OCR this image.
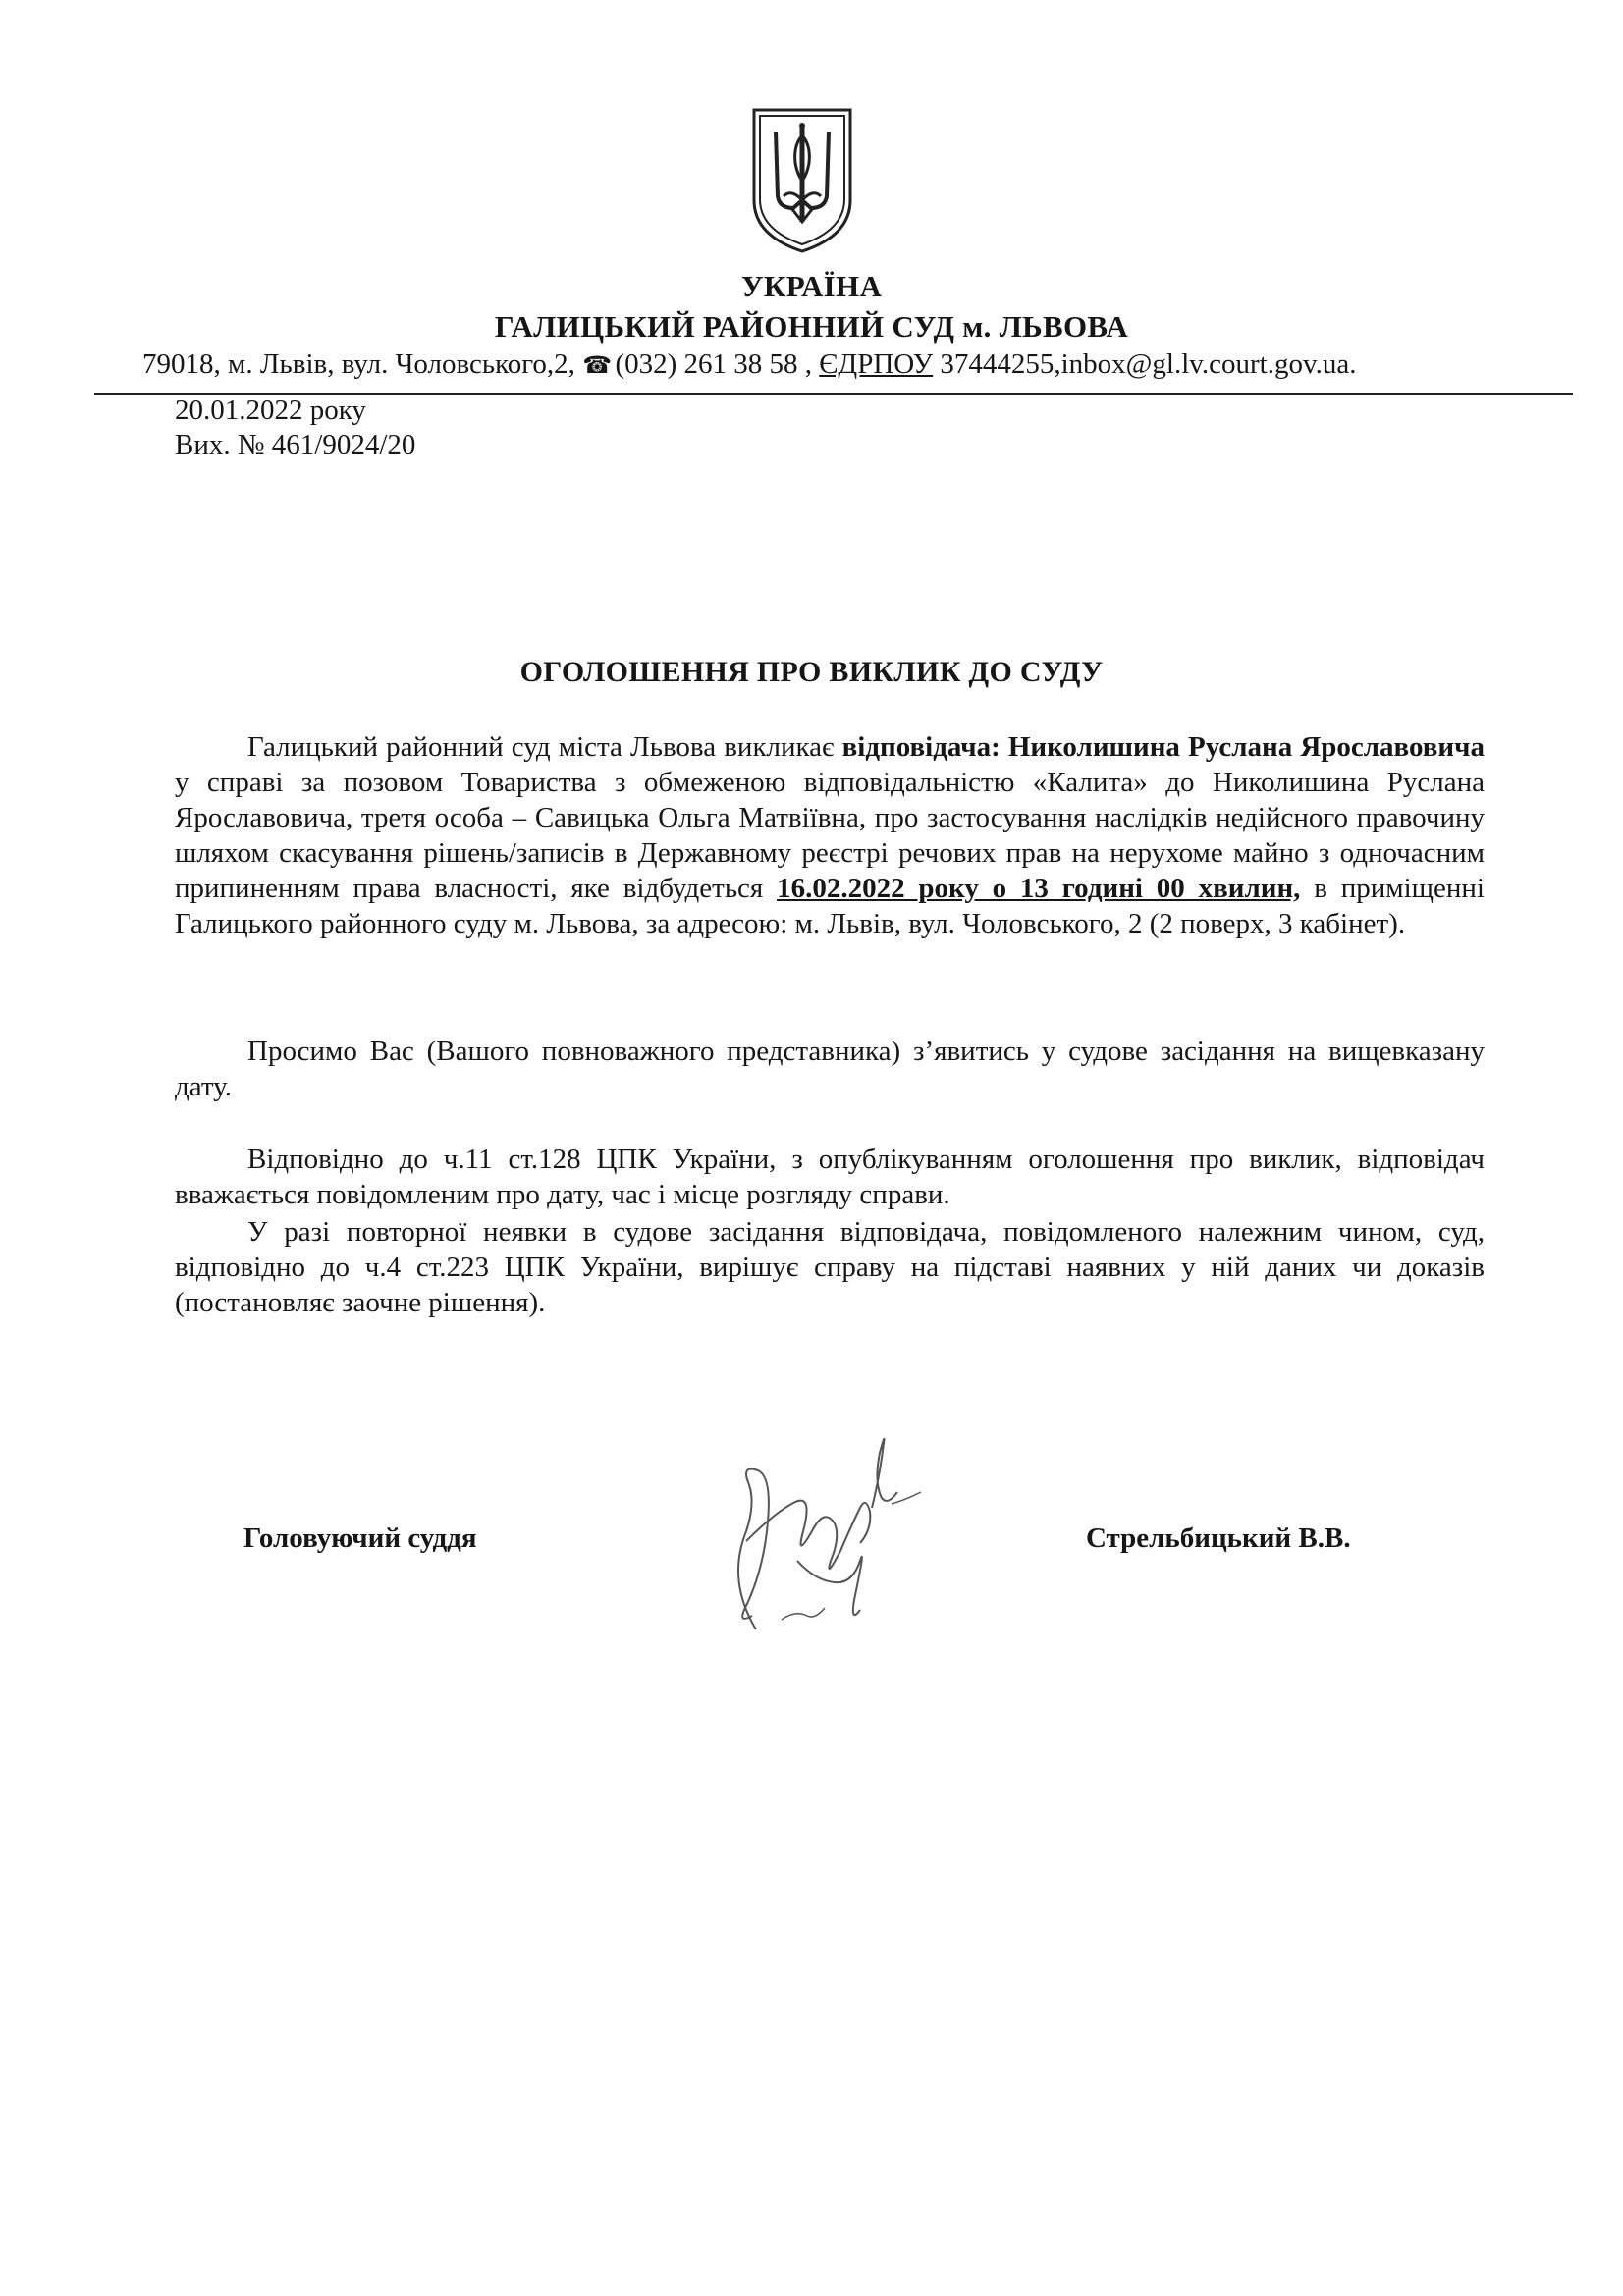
УКРАЇНА
ГАЛИЦЬКИЙ РАЙОННИЙ СУД м. ЛЬВОВА
79018, м. Львів, вул. Чоловського,2, ☎ (032) 261 38 58 , ЄДРПОУ 37444255,inbox@gl.lv.court.gov.ua.
20.01.2022 року
Вих. № 461/9024/20
ОГОЛОШЕННЯ ПРО ВИКЛИК ДО СУДУ
Галицький районний суд міста Львова викликає відповідача: Николишина Руслана Ярославовича у справі за позовом Товариства з обмеженою відповідальністю «Калита» до Николишина Руслана Ярославовича, третя особа – Савицька Ольга Матвіївна, про застосування наслідків недійсного правочину шляхом скасування рішень/записів в Державному реєстрі речових прав на нерухоме майно з одночасним припиненням права власності, яке відбудеться 16.02.2022 року о 13 годині 00 хвилин, в приміщенні Галицького районного суду м. Львова, за адресою: м. Львів, вул. Чоловського, 2 (2 поверх, 3 кабінет).
Просимо Вас (Вашого повноважного представника) з’явитись у судове засідання на вищевказану дату.
Відповідно до ч.11 ст.128 ЦПК України, з опублікуванням оголошення про виклик, відповідач вважається повідомленим про дату, час і місце розгляду справи.
У разі повторної неявки в судове засідання відповідача, повідомленого належним чином, суд, відповідно до ч.4 ст.223 ЦПК України, вирішує справу на підставі наявних у ній даних чи доказів (постановляє заочне рішення).
Головуючий суддя	Стрельбицький В.В.
